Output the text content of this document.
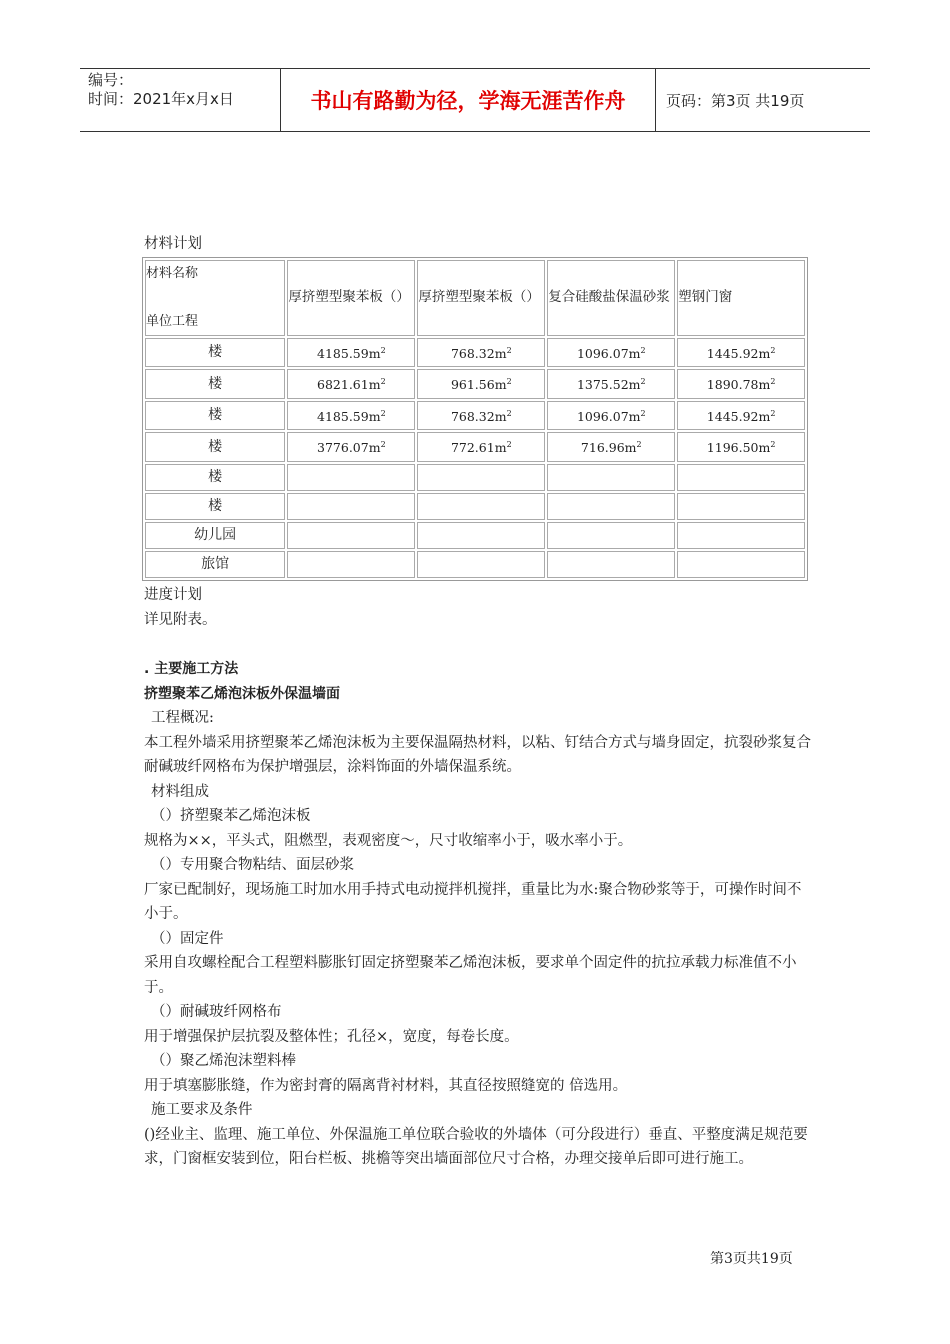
编号：
时间：2021年x月x日	书山有路勤为径，学海无涯苦作舟	页码：第3页 共19页

材料计划

材料名称
单位工程	厚挤塑型聚苯板（）	厚挤塑型聚苯板（）	复合硅酸盐保温砂浆	塑钢门窗
楼	$4185.59m^2$	$768.32m^2$	$1096.07m^2$	$1445.92m^2$
楼	$6821.61m^2$	$961.56m^2$	$1375.52m^2$	$1890.78m^2$
楼	$4185.59m^2$	$768.32m^2$	$1096.07m^2$	$1445.92m^2$
楼	$3776.07m^2$	$772.61m^2$	$716.96m^2$	$1196.50m^2$
楼				
楼				
幼儿园				
旅馆				

进度计划

详见附表。

. 主要施工方法

挤塑聚苯乙烯泡沫板外保温墙面

工程概况:

本工程外墙采用挤塑聚苯乙烯泡沫板为主要保温隔热材料，以粘、钉结合方式与墙身固定，抗裂砂浆复合耐碱玻纤网格布为保护增强层，涂料饰面的外墙保温系统。

材料组成

（）挤塑聚苯乙烯泡沫板

规格为××，平头式，阻燃型，表观密度～，尺寸收缩率小于，吸水率小于。

（）专用聚合物粘结、面层砂浆

厂家已配制好，现场施工时加水用手持式电动搅拌机搅拌，重量比为水:聚合物砂浆等于，可操作时间不小于。

（）固定件

采用自攻螺栓配合工程塑料膨胀钉固定挤塑聚苯乙烯泡沫板，要求单个固定件的抗拉承载力标准值不小于。

（）耐碱玻纤网格布

用于增强保护层抗裂及整体性；孔径×，宽度，每卷长度。

（）聚乙烯泡沫塑料棒

用于填塞膨胀缝，作为密封膏的隔离背衬材料，其直径按照缝宽的 倍选用。

施工要求及条件

()经业主、监理、施工单位、外保温施工单位联合验收的外墙体（可分段进行）垂直、平整度满足规范要求，门窗框安装到位，阳台栏板、挑檐等突出墙面部位尺寸合格，办理交接单后即可进行施工。

第3页共19页
